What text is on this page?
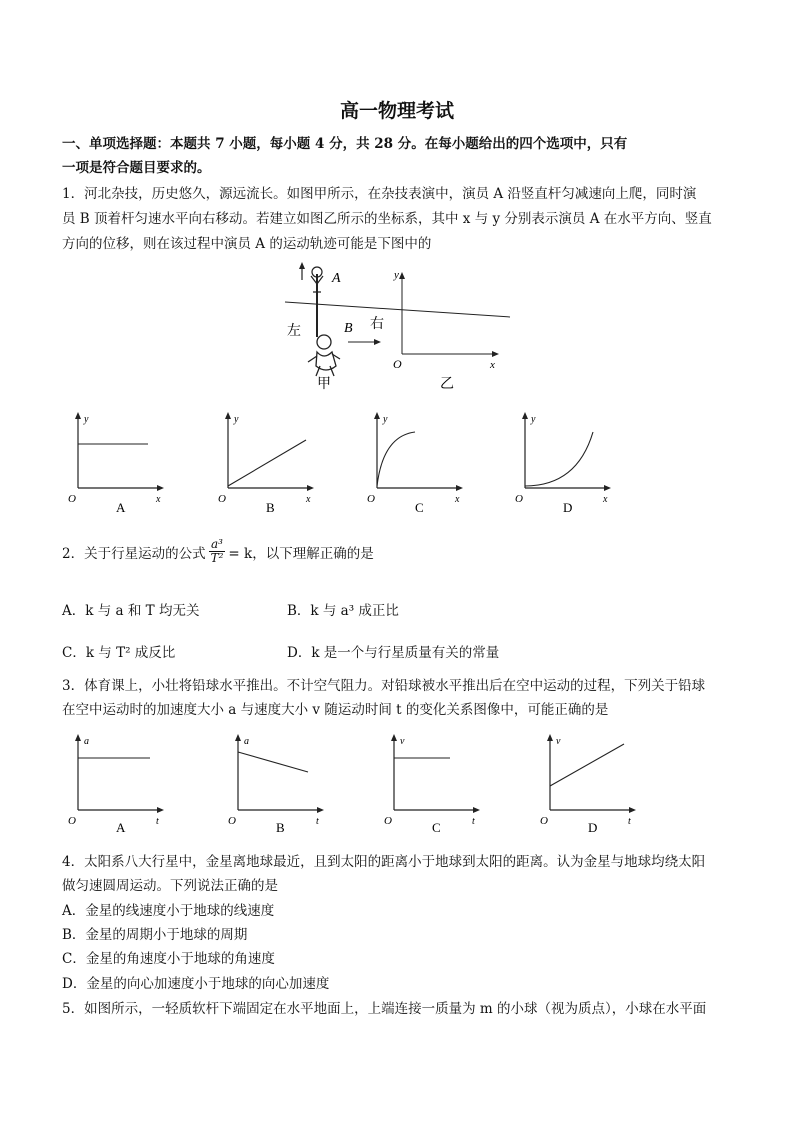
高一物理考试
一、单项选择题：本题共 7 小题，每小题 4 分，共 28 分。在每小题给出的四个选项中，只有
一项是符合题目要求的。
1．河北杂技，历史悠久，源远流长。如图甲所示，在杂技表演中，演员 A 沿竖直杆匀减速向上爬，同时演
员 B 顶着杆匀速水平向右移动。若建立如图乙所示的坐标系，其中 x 与 y 分别表示演员 A 在水平方向、竖直
方向的位移，则在该过程中演员 A 的运动轨迹可能是下图中的
A
B
左	右
甲
O
y
x
乙
y
O	x
A
y
O	x
B
y
O	x
C
y
O	x
D
2．关于行星运动的公式 $\frac{\text{a³}}{\text{T²}} = k$，以下理解正确的是
A．k 与 a 和 T 均无关	B．k 与 a³ 成正比
C．k 与 T² 成反比	D．k 是一个与行星质量有关的常量
3．体育课上，小壮将铅球水平推出。不计空气阻力。对铅球被水平推出后在空中运动的过程，下列关于铅球
在空中运动时的加速度大小 a 与速度大小 v 随运动时间 t 的变化关系图像中，可能正确的是
a
O	t
A
a
O	t
B
v
O	t
C
v
O	t
D
4．太阳系八大行星中，金星离地球最近，且到太阳的距离小于地球到太阳的距离。认为金星与地球均绕太阳
做匀速圆周运动。下列说法正确的是
A．金星的线速度小于地球的线速度
B．金星的周期小于地球的周期
C．金星的角速度小于地球的角速度
D．金星的向心加速度小于地球的向心加速度
5．如图所示，一轻质软杆下端固定在水平地面上，上端连接一质量为 m 的小球（视为质点），小球在水平面
